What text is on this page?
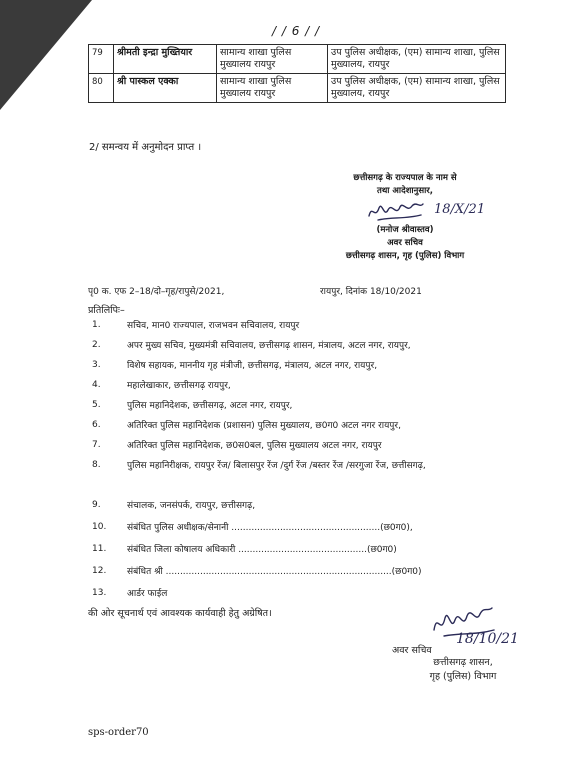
/ / 6 / /
79	श्रीमती इन्द्रा मुख्तियार	सामान्य शाखा पुलिस मुख्यालय रायपुर	उप पुलिस अधीक्षक, (एम) सामान्य शाखा, पुलिस मुख्यालय, रायपुर
80	श्री पास्कल एक्का	सामान्य शाखा पुलिस मुख्यालय रायपुर	उप पुलिस अधीक्षक, (एम) सामान्य शाखा, पुलिस मुख्यालय, रायपुर
2/ समन्वय में अनुमोदन प्राप्त ।
छत्तीसगढ़ के राज्यपाल के नाम से
तथा आदेशानुसार,
18/X/21
(मनोज श्रीवास्तव)
अवर सचिव
छत्तीसगढ़ शासन, गृह (पुलिस) विभाग
पृ0 क. एफ 2–18/दो–गृह/रापुसे/2021,	रायपुर, दिनांक 18/10/2021
प्रतिलिपिः–
1.	सचिव, मान0 राज्यपाल, राजभवन सचिवालय, रायपुर
2.	अपर मुख्य सचिव, मुख्यमंत्री सचिवालय, छत्तीसगढ़ शासन, मंत्रालय, अटल नगर, रायपुर,
3.	विशेष सहायक, माननीय गृह मंत्रीजी, छत्तीसगढ़, मंत्रालय, अटल नगर, रायपुर,
4.	महालेखाकार, छत्तीसगढ़ रायपुर,
5.	पुलिस महानिदेशक, छत्तीसगढ़, अटल नगर, रायपुर,
6.	अतिरिक्त पुलिस महानिदेशक (प्रशासन) पुलिस मुख्यालय, छ0ग0 अटल नगर रायपुर,
7.	अतिरिक्त पुलिस महानिदेशक, छ0स0बल, पुलिस मुख्यालय अटल नगर, रायपुर
8.	पुलिस महानिरीक्षक, रायपुर रेंज/ बिलासपुर रेंज /दुर्ग रेंज /बस्तर रेंज /सरगुजा रेंज, छत्तीसगढ़,
9.	संचालक, जनसंपर्क, रायपुर, छत्तीसगढ़,
10. संबंधित पुलिस अधीक्षक/सेनानी ....................................................(छ0ग0),
11. संबंधित जिला कोषालय अधिकारी .............................................(छ0ग0)
12. संबंधित श्री ...............................................................................(छ0ग0)
13. आर्डर फाईल
की ओर सूचनार्थ एवं आवश्यक कार्यवाही हेतु अग्रेषित।
18/10/21
अवर सचिव
छत्तीसगढ़ शासन,
गृह (पुलिस) विभाग
sps-order70
